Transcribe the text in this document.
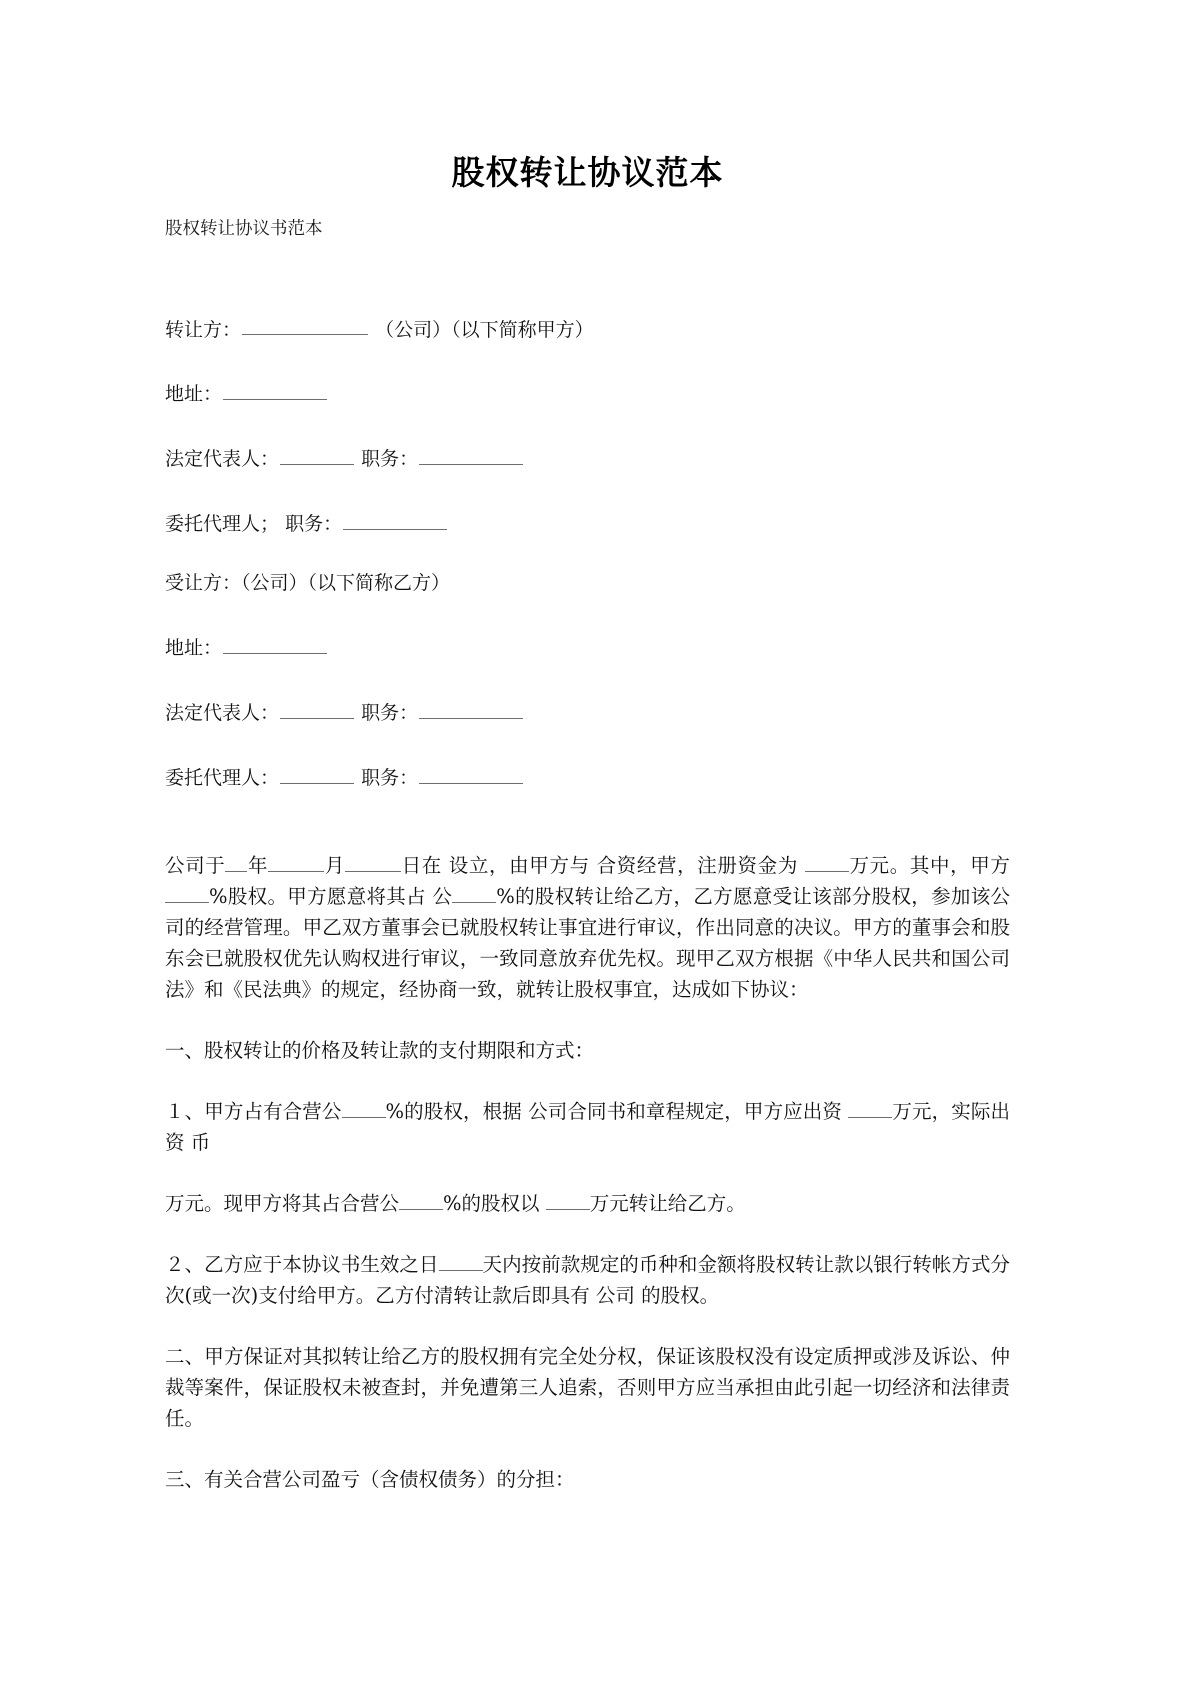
股权转让协议范本

股权转让协议书范本

转让方：	（公司）（以下简称甲方）

地址：

法定代表人：	职务：

委托代理人； 职务：

受让方：（公司）（以下简称乙方）

地址：

法定代表人：	职务：

委托代理人：	职务：

公司于 年	月	日在 设立，由甲方与 合资经营，注册资金为 万元。其中，甲方%股权。甲方愿意将其占 公 %的股权转让给乙方，乙方愿意受让该部分股权，参加该公司的经营管理。甲乙双方董事会已就股权转让事宜进行审议，作出同意的决议。甲方的董事会和股东会已就股权优先认购权进行审议，一致同意放弃优先权。现甲乙双方根据《中华人民共和国公司法》和《民法典》的规定，经协商一致，就转让股权事宜，达成如下协议：

一、股权转让的价格及转让款的支付期限和方式：

１、甲方占有合营公 %的股权，根据 公司合同书和章程规定，甲方应出资 万元，实际出资 币

万元。现甲方将其占合营公 %的股权以 万元转让给乙方。

２、乙方应于本协议书生效之日 天内按前款规定的币种和金额将股权转让款以银行转帐方式分 次(或一次)支付给甲方。乙方付清转让款后即具有 公司 的股权。

二、甲方保证对其拟转让给乙方的股权拥有完全处分权，保证该股权没有设定质押或涉及诉讼、仲裁等案件，保证股权未被查封，并免遭第三人追索，否则甲方应当承担由此引起一切经济和法律责任。

三、有关合营公司盈亏（含债权债务）的分担：
